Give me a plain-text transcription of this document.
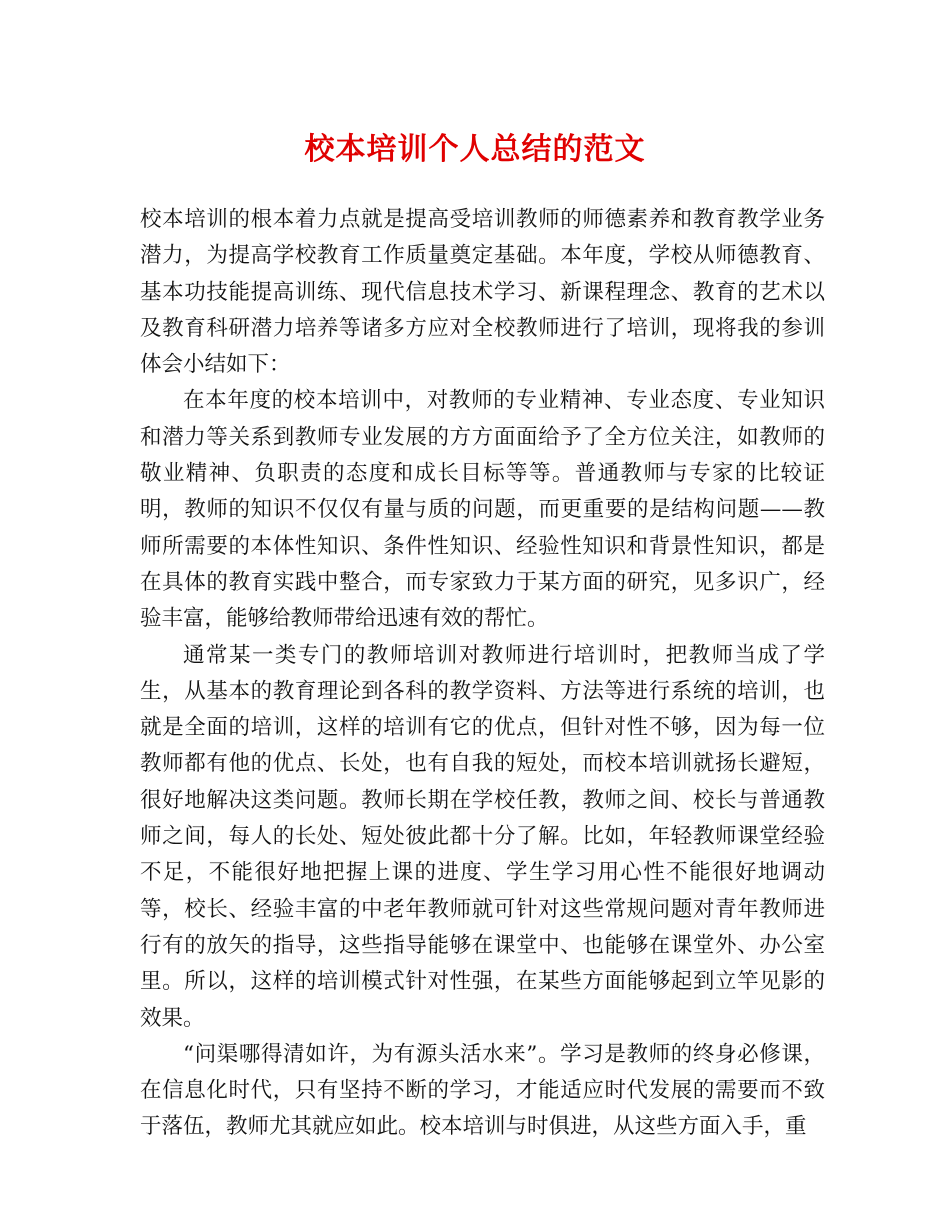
校本培训个人总结的范文

校本培训的根本着力点就是提高受培训教师的师德素养和教育教学业务潜力，为提高学校教育工作质量奠定基础。本年度，学校从师德教育、基本功技能提高训练、现代信息技术学习、新课程理念、教育的艺术以及教育科研潜力培养等诸多方应对全校教师进行了培训，现将我的参训体会小结如下：

在本年度的校本培训中，对教师的专业精神、专业态度、专业知识和潜力等关系到教师专业发展的方方面面给予了全方位关注，如教师的敬业精神、负职责的态度和成长目标等等。普通教师与专家的比较证明，教师的知识不仅仅有量与质的问题，而更重要的是结构问题——教师所需要的本体性知识、条件性知识、经验性知识和背景性知识，都是在具体的教育实践中整合，而专家致力于某方面的研究，见多识广，经验丰富，能够给教师带给迅速有效的帮忙。

通常某一类专门的教师培训对教师进行培训时，把教师当成了学生，从基本的教育理论到各科的教学资料、方法等进行系统的培训，也就是全面的培训，这样的培训有它的优点，但针对性不够，因为每一位教师都有他的优点、长处，也有自我的短处，而校本培训就扬长避短，很好地解决这类问题。教师长期在学校任教，教师之间、校长与普通教师之间，每人的长处、短处彼此都十分了解。比如，年轻教师课堂经验不足，不能很好地把握上课的进度、学生学习用心性不能很好地调动等，校长、经验丰富的中老年教师就可针对这些常规问题对青年教师进行有的放矢的指导，这些指导能够在课堂中、也能够在课堂外、办公室里。所以，这样的培训模式针对性强，在某些方面能够起到立竿见影的效果。

“问渠哪得清如许，为有源头活水来”。学习是教师的终身必修课，在信息化时代，只有坚持不断的学习，才能适应时代发展的需要而不致于落伍，教师尤其就应如此。校本培训与时俱进，从这些方面入手，重
